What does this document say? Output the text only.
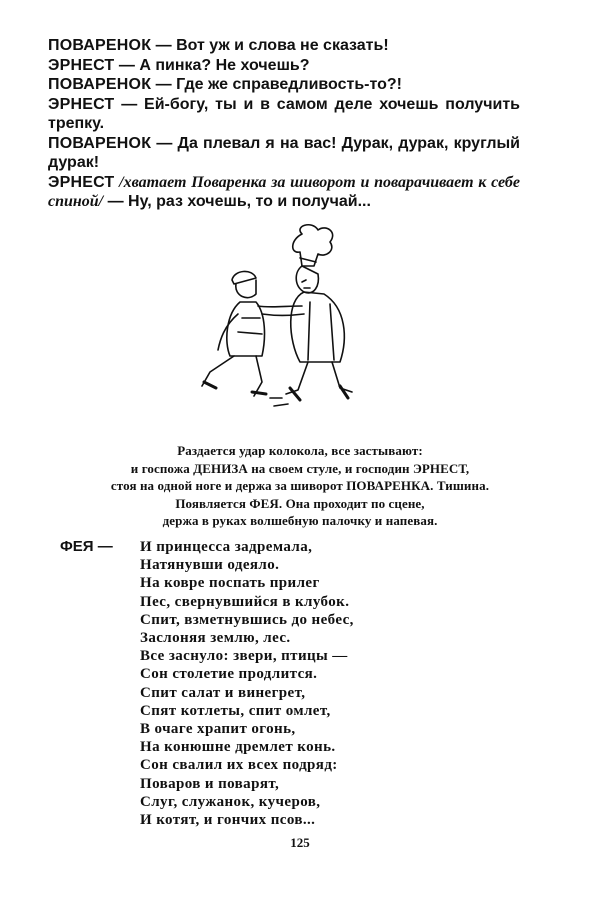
ПОВАРЕНОК — Вот уж и слова не сказать!

ЭРНЕСТ — А пинка? Не хочешь?

ПОВАРЕНОК — Где же справедливость-то?!

ЭРНЕСТ — Ей-богу, ты и в самом деле хочешь получить трепку.

ПОВАРЕНОК — Да плевал я на вас! Дурак, дурак, круглый дурак!

ЭРНЕСТ /хватает Поваренка за шиворот и поварачивает к себе спиной/ — Ну, раз хочешь, то и получай...

Раздается удар колокола, все застывают:

и госпожа ДЕНИЗА на своем стуле, и господин ЭРНЕСТ,

стоя на одной ноге и держа за шиворот ПОВАРЕНКА. Тишина.

Появляется ФЕЯ. Она проходит по сцене,

держа в руках волшебную палочку и напевая.

ФЕЯ — И принцесса задремала,

Натянувши одеяло.

На ковре поспать прилег

Пес, свернувшийся в клубок.

Спит, взметнувшись до небес,

Заслоняя землю, лес.

Все заснуло: звери, птицы —

Сон столетие продлится.

Спит салат и винегрет,

Спят котлеты, спит омлет,

В очаге храпит огонь,

На конюшне дремлет конь.

Сон свалил их всех подряд:

Поваров и поварят,

Слуг, служанок, кучеров,

И котят, и гончих псов...

125
